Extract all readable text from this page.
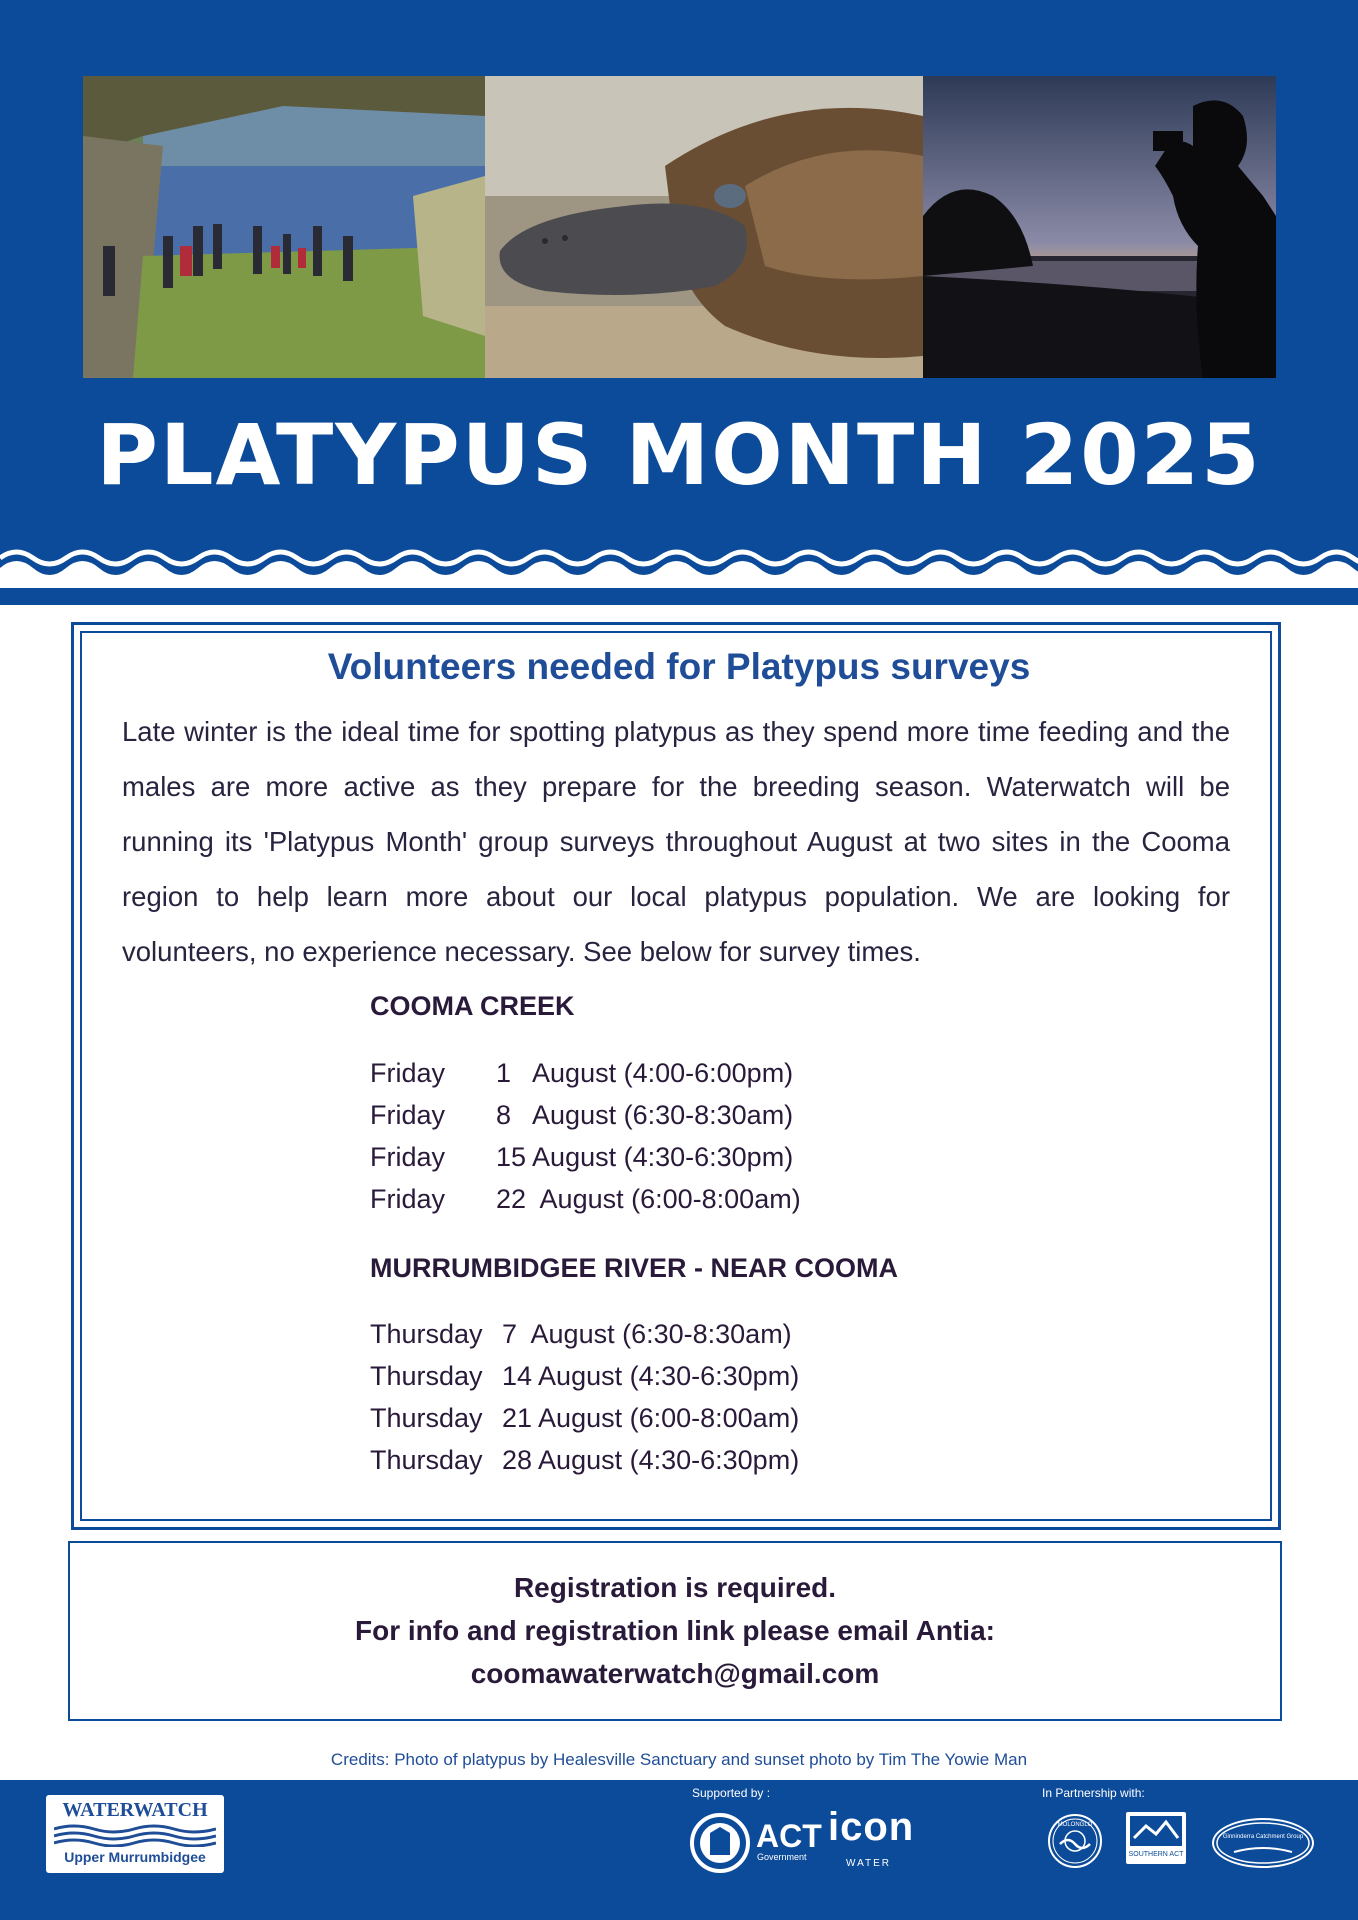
PLATYPUS MONTH 2025
Volunteers needed for Platypus surveys
Late winter is the ideal time for spotting platypus as they spend more time feeding and the males are more active as they prepare for the breeding season. Waterwatch will be running its 'Platypus Month' group surveys throughout August at two sites in the Cooma region to help learn more about our local platypus population. We are looking for volunteers, no experience necessary. See below for survey times.
COOMA CREEK
Friday	1   August (4:00-6:00pm)
Friday	8   August (6:30-8:30am)
Friday	15 August (4:30-6:30pm)
Friday	22  August (6:00-8:00am)
MURRUMBIDGEE RIVER - NEAR COOMA
Thursday 7  August (6:30-8:30am)
Thursday 14 August (4:30-6:30pm)
Thursday 21 August (6:00-8:00am)
Thursday 28 August (4:30-6:30pm)
Registration is required.
For info and registration link please email Antia:
coomawaterwatch@gmail.com
Credits: Photo of platypus by Healesville Sanctuary and sunset photo by Tim The Yowie Man
WATERWATCH
Upper Murrumbidgee
Supported by :
ACT
Government
icon
WATER
In Partnership with:
MOLONGLO
SOUTHERN ACT
Ginninderra Catchment Group
